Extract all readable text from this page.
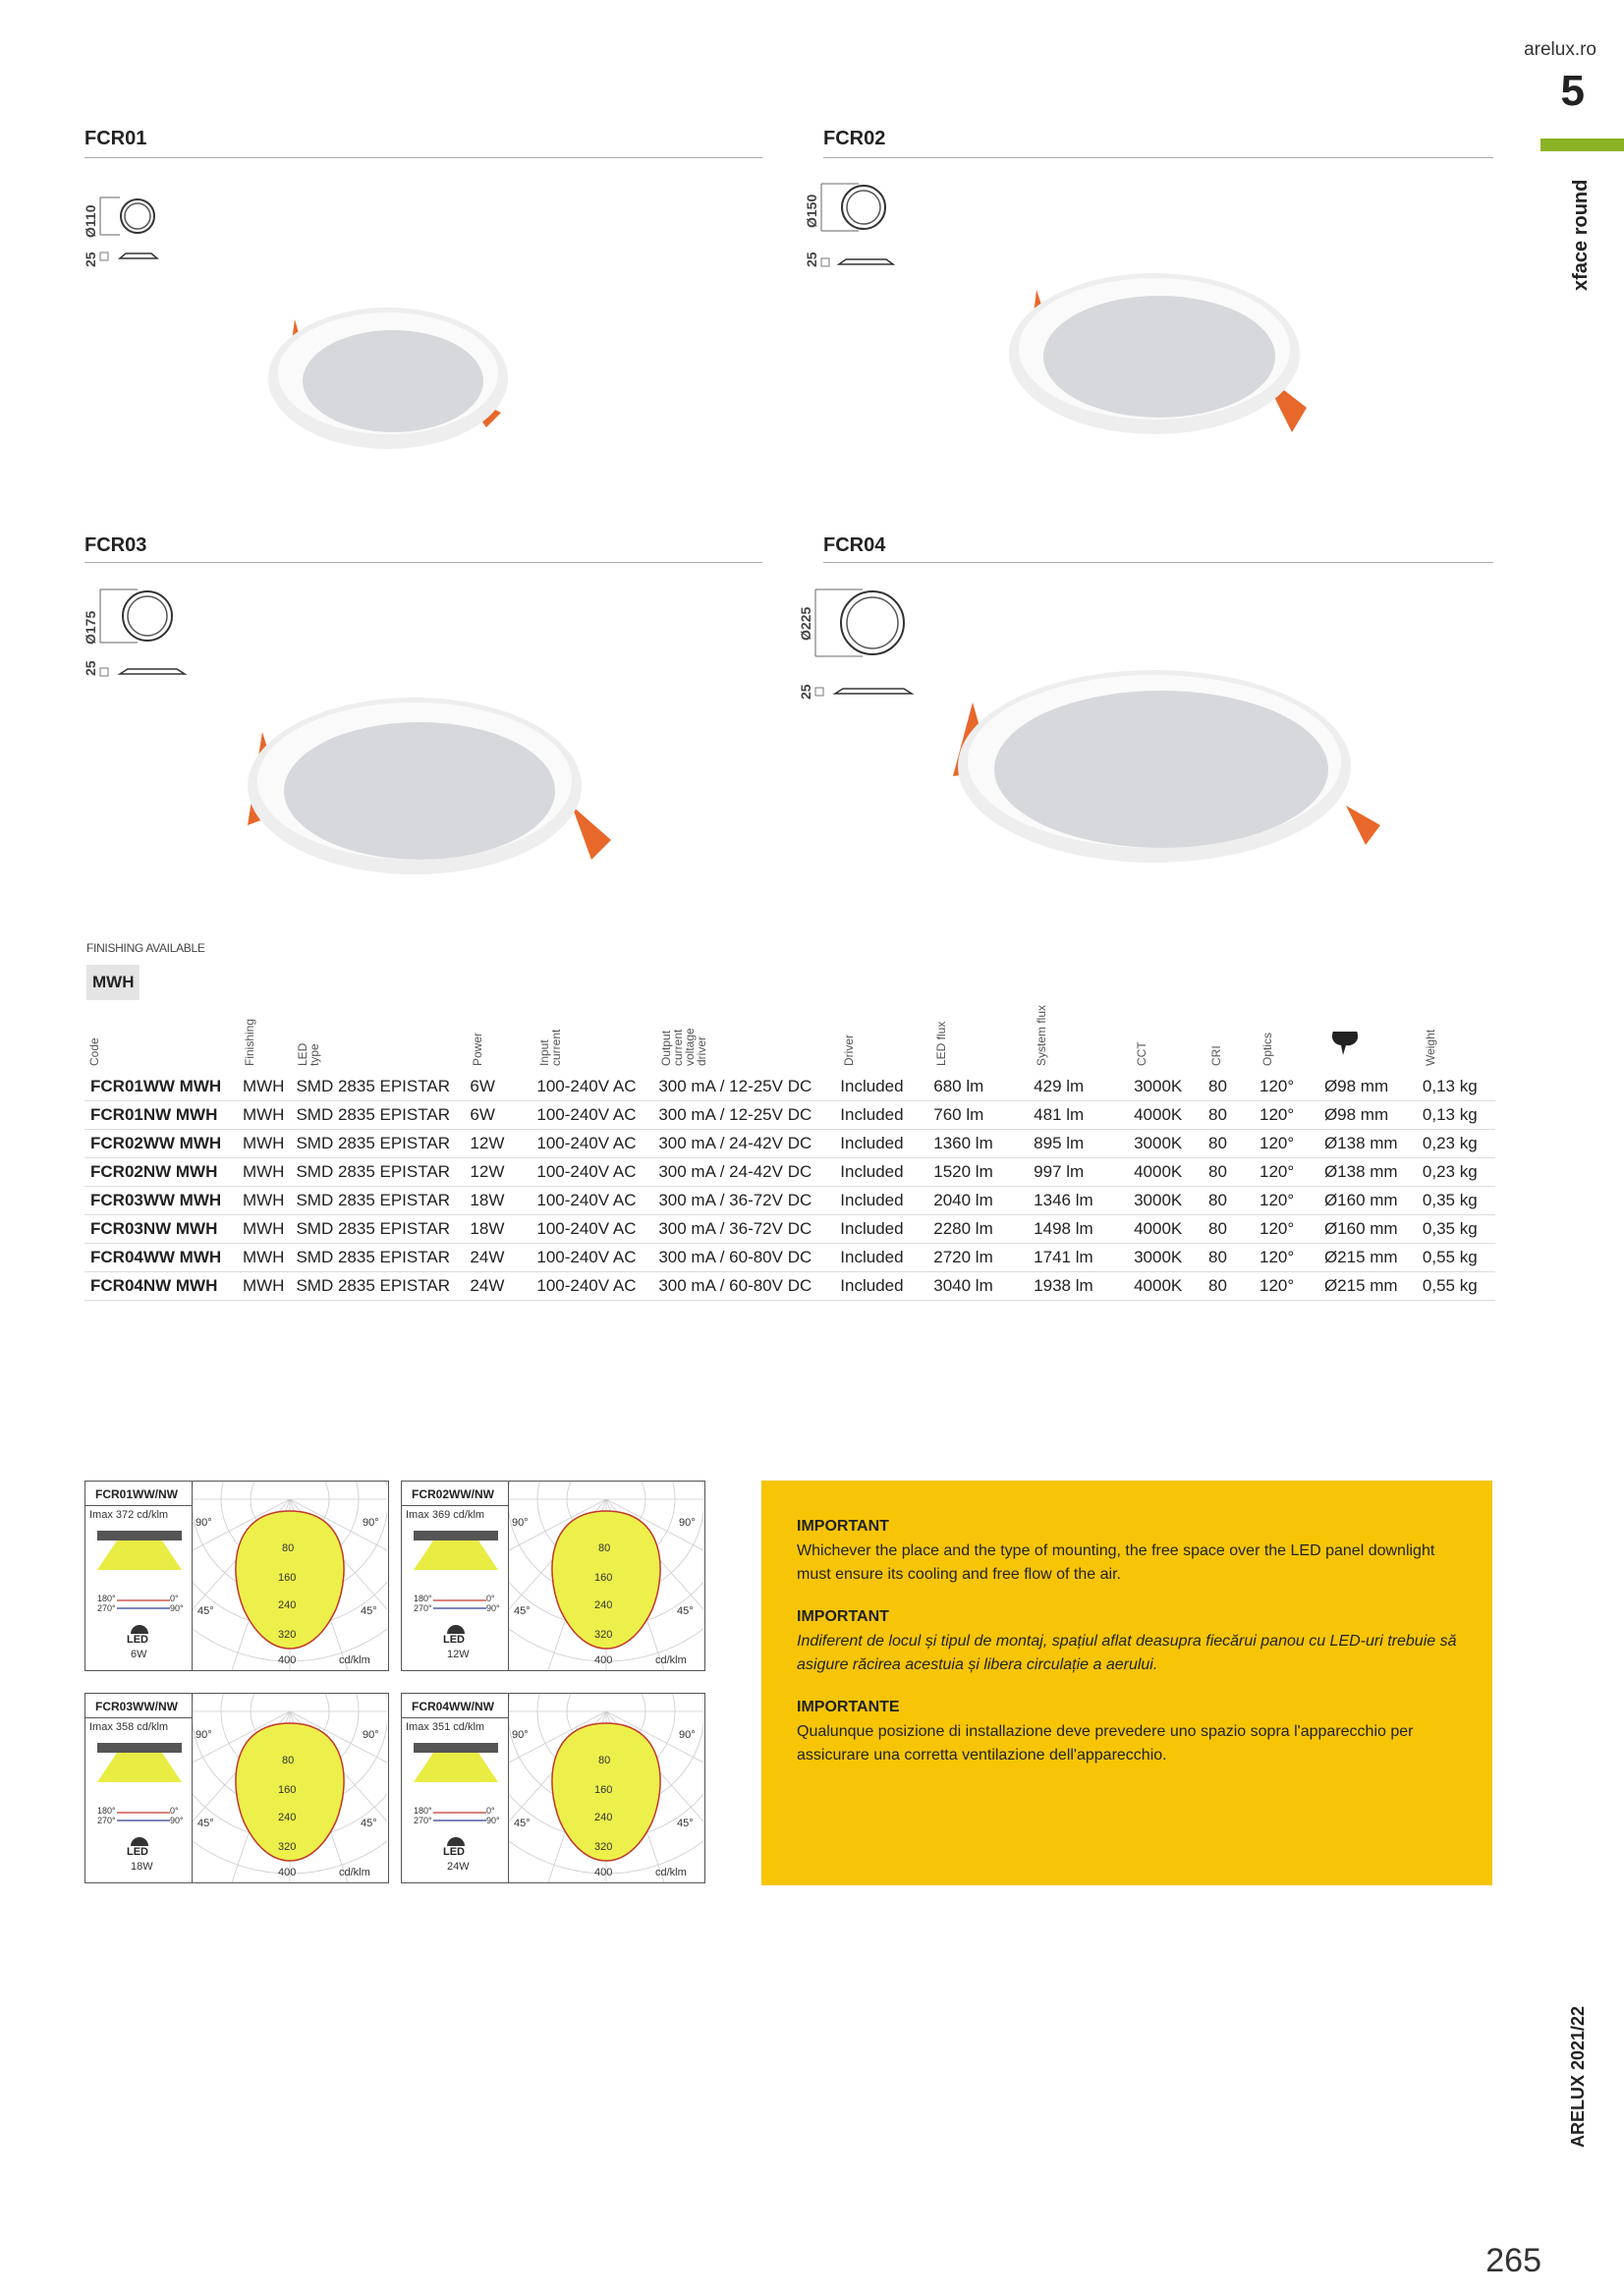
arelux.ro
5
xface round
ARELUX 2021/22
265
FCR01
Ø110
25
FCR02
Ø150
25
FCR03
Ø175
25
FCR04
Ø225
25
FINISHING AVAILABLE
MWH
Code	Finishing	LED type	Power	Input current	Output current voltage driver	Driver	LED flux	System flux	CCT	CRI	Optics	Weight
FCR01WW MWH	MWH	SMD 2835 EPISTAR	6W	100-240V AC	300 mA / 12-25V DC	Included	680 lm	429 lm	3000K	80	120°	Ø98 mm	0,13 kg
FCR01NW MWH	MWH	SMD 2835 EPISTAR	6W	100-240V AC	300 mA / 12-25V DC	Included	760 lm	481 lm	4000K	80	120°	Ø98 mm	0,13 kg
FCR02WW MWH	MWH	SMD 2835 EPISTAR	12W	100-240V AC	300 mA / 24-42V DC	Included	1360 lm	895 lm	3000K	80	120°	Ø138 mm	0,23 kg
FCR02NW MWH	MWH	SMD 2835 EPISTAR	12W	100-240V AC	300 mA / 24-42V DC	Included	1520 lm	997 lm	4000K	80	120°	Ø138 mm	0,23 kg
FCR03WW MWH	MWH	SMD 2835 EPISTAR	18W	100-240V AC	300 mA / 36-72V DC	Included	2040 lm	1346 lm	3000K	80	120°	Ø160 mm	0,35 kg
FCR03NW MWH	MWH	SMD 2835 EPISTAR	18W	100-240V AC	300 mA / 36-72V DC	Included	2280 lm	1498 lm	4000K	80	120°	Ø160 mm	0,35 kg
FCR04WW MWH	MWH	SMD 2835 EPISTAR	24W	100-240V AC	300 mA / 60-80V DC	Included	2720 lm	1741 lm	3000K	80	120°	Ø215 mm	0,55 kg
FCR04NW MWH	MWH	SMD 2835 EPISTAR	24W	100-240V AC	300 mA / 60-80V DC	Included	3040 lm	1938 lm	4000K	80	120°	Ø215 mm	0,55 kg
FCR01WW/NW
Imax 372 cd/klm
180°	0°
270°	90°
LED
6W
90°	90°
45°	45°
80
160
240
320
400	cd/klm
FCR02WW/NW
Imax 369 cd/klm
180°	0°
270°	90°
LED
12W
90°	90°
45°	45°
80
160
240
320
400	cd/klm
FCR03WW/NW
Imax 358 cd/klm
180°	0°
270°	90°
LED
18W
90°	90°
45°	45°
80
160
240
320
400	cd/klm
FCR04WW/NW
Imax 351 cd/klm
180°	0°
270°	90°
LED
24W
90°	90°
45°	45°
80
160
240
320
400	cd/klm
IMPORTANT

Whichever the place and the type of mounting, the free space over the LED panel downlight must ensure its cooling and free flow of the air.

IMPORTANT

Indiferent de locul și tipul de montaj, spațiul aflat deasupra fiecărui panou cu LED-uri trebuie să asigure răcirea acestuia și libera circulație a aerului.

IMPORTANTE

Qualunque posizione di installazione deve prevedere uno spazio sopra l'apparecchio per assicurare una corretta ventilazione dell'apparecchio.
